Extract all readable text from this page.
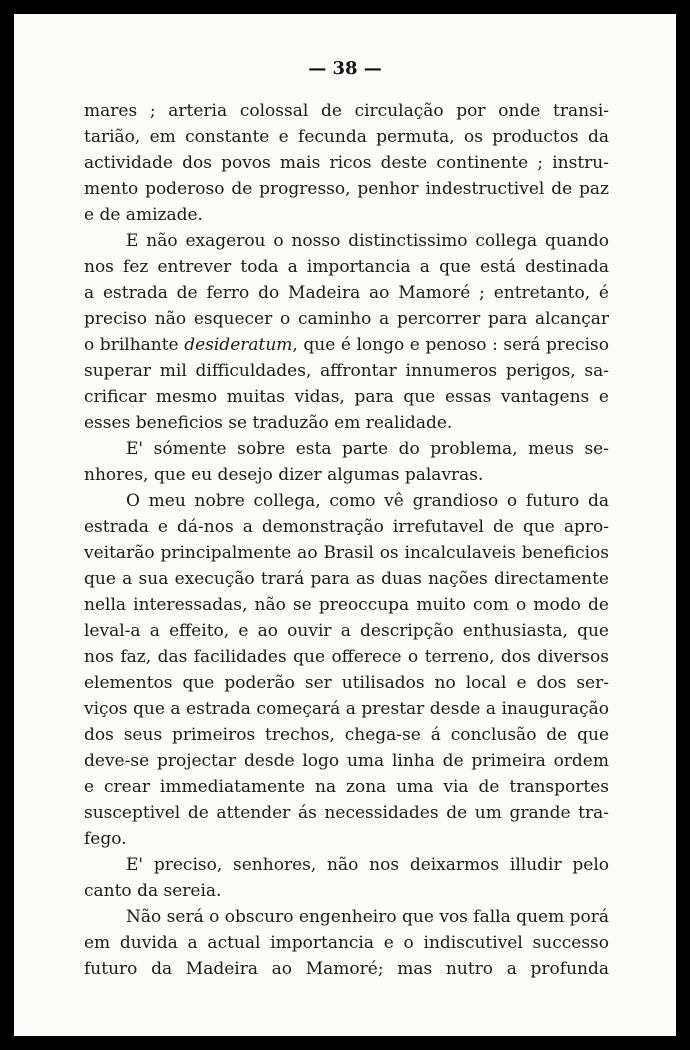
— 38 —

mares ; arteria colossal de circulação por onde transi-
tarião, em constante e fecunda permuta, os productos da
actividade dos povos mais ricos deste continente ; instru-
mento poderoso de progresso, penhor indestructivel de paz
e de amizade.

E não exagerou o nosso distinctissimo collega quando
nos fez entrever toda a importancia a que está destinada
a estrada de ferro do Madeira ao Mamoré ; entretanto, é
preciso não esquecer o caminho a percorrer para alcançar
o brilhante desideratum, que é longo e penoso : será preciso
superar mil difficuldades, affrontar innumeros perigos, sa-
crificar mesmo muitas vidas, para que essas vantagens e
esses beneficios se traduzão em realidade.

E' sómente sobre esta parte do problema, meus se-
nhores, que eu desejo dizer algumas palavras.

O meu nobre collega, como vê grandioso o futuro da
estrada e dá-nos a demonstração irrefutavel de que apro-
veitarão principalmente ao Brasil os incalculaveis beneficios
que a sua execução trará para as duas nações directamente
nella interessadas, não se preoccupa muito com o modo de
leval-a a effeito, e ao ouvir a descripção enthusiasta, que
nos faz, das facilidades que offerece o terreno, dos diversos
elementos que poderão ser utilisados no local e dos ser-
viços que a estrada começará a prestar desde a inauguração
dos seus primeiros trechos, chega-se á conclusão de que
deve-se projectar desde logo uma linha de primeira ordem
e crear immediatamente na zona uma via de transportes
susceptivel de attender ás necessidades de um grande tra-
fego.

E' preciso, senhores, não nos deixarmos illudir pelo
canto da sereia.

Não será o obscuro engenheiro que vos falla quem porá
em duvida a actual importancia e o indiscutivel successo
futuro da Madeira ao Mamoré; mas nutro a profunda
